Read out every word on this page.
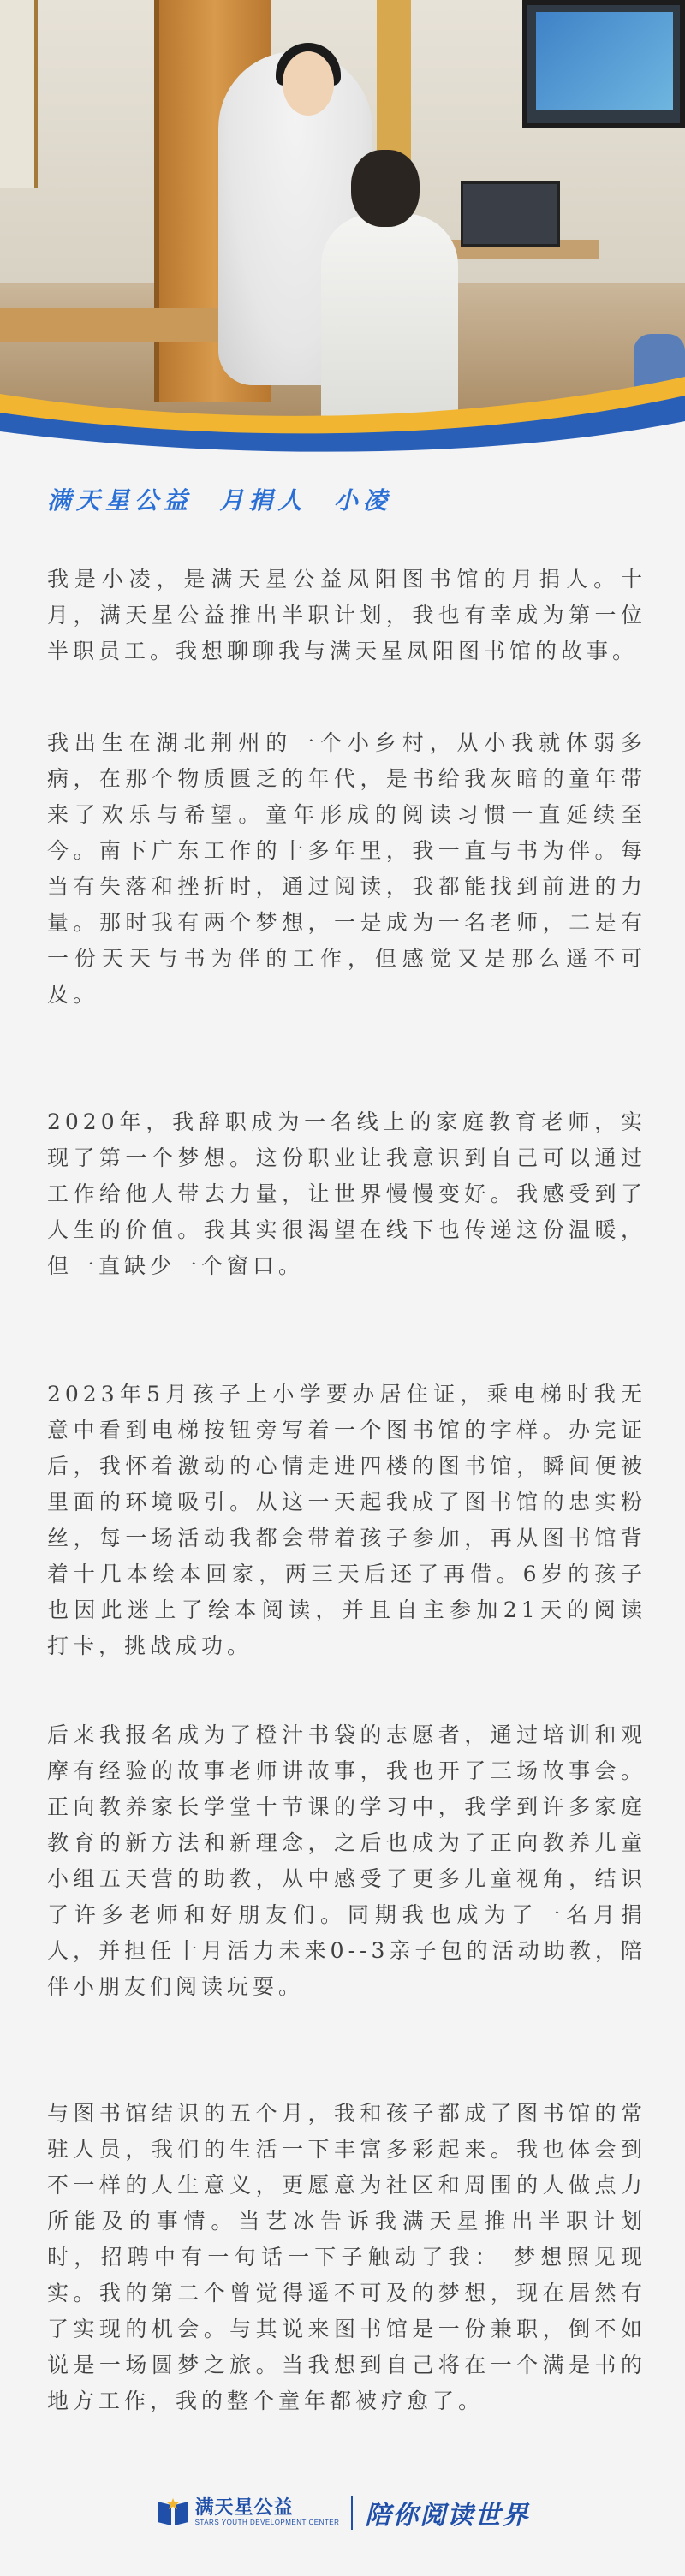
满天星公益  月捐人  小凌

我是小凌，是满天星公益凤阳图书馆的月捐人。十月，满天星公益推出半职计划，我也有幸成为第一位半职员工。我想聊聊我与满天星凤阳图书馆的故事。

我出生在湖北荆州的一个小乡村，从小我就体弱多病，在那个物质匮乏的年代，是书给我灰暗的童年带来了欢乐与希望。童年形成的阅读习惯一直延续至今。南下广东工作的十多年里，我一直与书为伴。每当有失落和挫折时，通过阅读，我都能找到前进的力量。那时我有两个梦想，一是成为一名老师，二是有一份天天与书为伴的工作，但感觉又是那么遥不可及。

2020年，我辞职成为一名线上的家庭教育老师，实现了第一个梦想。这份职业让我意识到自己可以通过工作给他人带去力量，让世界慢慢变好。我感受到了人生的价值。我其实很渴望在线下也传递这份温暖，但一直缺少一个窗口。

2023年5月孩子上小学要办居住证，乘电梯时我无意中看到电梯按钮旁写着一个图书馆的字样。办完证后，我怀着激动的心情走进四楼的图书馆，瞬间便被里面的环境吸引。从这一天起我成了图书馆的忠实粉丝，每一场活动我都会带着孩子参加，再从图书馆背着十几本绘本回家，两三天后还了再借。6岁的孩子也因此迷上了绘本阅读，并且自主参加21天的阅读打卡，挑战成功。

后来我报名成为了橙汁书袋的志愿者，通过培训和观摩有经验的故事老师讲故事，我也开了三场故事会。正向教养家长学堂十节课的学习中，我学到许多家庭教育的新方法和新理念，之后也成为了正向教养儿童小组五天营的助教，从中感受了更多儿童视角，结识了许多老师和好朋友们。同期我也成为了一名月捐人，并担任十月活力未来0--3亲子包的活动助教，陪伴小朋友们阅读玩耍。

与图书馆结识的五个月，我和孩子都成了图书馆的常驻人员，我们的生活一下丰富多彩起来。我也体会到不一样的人生意义，更愿意为社区和周围的人做点力所能及的事情。当艺冰告诉我满天星推出半职计划时，招聘中有一句话一下子触动了我： 梦想照见现实。我的第二个曾觉得遥不可及的梦想，现在居然有了实现的机会。与其说来图书馆是一份兼职，倒不如说是一场圆梦之旅。当我想到自己将在一个满是书的地方工作，我的整个童年都被疗愈了。

满天星公益
STARS YOUTH DEVELOPMENT CENTER 陪你阅读世界
